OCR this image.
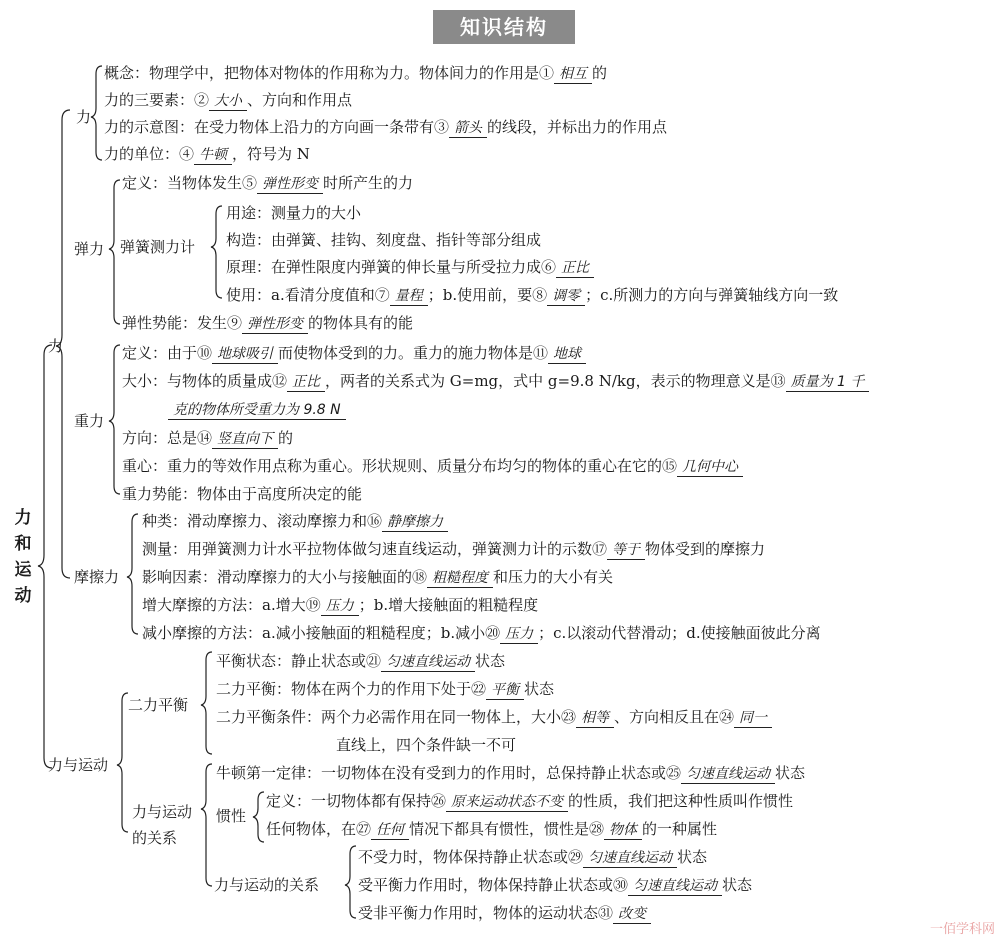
知识结构
力
和
运
动
力
力
弹力 弹簧测力计
重力
摩擦力
力与运动
二力平衡
力与运动
的关系
惯性
力与运动的关系
概念：物理学中，把物体对物体的作用称为力。物体间力的作用是① 相互 的
力的三要素：② 大小 、方向和作用点
力的示意图：在受力物体上沿力的方向画一条带有③ 箭头 的线段，并标出力的作用点
力的单位：④ 牛顿 ，符号为 N
定义：当物体发生⑤ 弹性形变 时所产生的力
用途：测量力的大小
构造：由弹簧、挂钩、刻度盘、指针等部分组成
原理：在弹性限度内弹簧的伸长量与所受拉力成⑥ 正比
使用：a.看清分度值和⑦ 量程 ；b.使用前，要⑧ 调零 ；c.所测力的方向与弹簧轴线方向一致
弹性势能：发生⑨ 弹性形变 的物体具有的能
定义：由于⑩ 地球吸引 而使物体受到的力。重力的施力物体是⑪ 地球
大小：与物体的质量成⑫ 正比 ，两者的关系式为 G=mg，式中 g=9.8 N/kg，表示的物理意义是⑬ 质量为 1 千
克的物体所受重力为 9.8 N
方向：总是⑭ 竖直向下 的
重心：重力的等效作用点称为重心。形状规则、质量分布均匀的物体的重心在它的⑮ 几何中心
重力势能：物体由于高度所决定的能
种类：滑动摩擦力、滚动摩擦力和⑯ 静摩擦力
测量：用弹簧测力计水平拉物体做匀速直线运动，弹簧测力计的示数⑰ 等于 物体受到的摩擦力
影响因素：滑动摩擦力的大小与接触面的⑱ 粗糙程度 和压力的大小有关
增大摩擦的方法：a.增大⑲ 压力 ；b.增大接触面的粗糙程度
减小摩擦的方法：a.减小接触面的粗糙程度；b.减小⑳ 压力 ；c.以滚动代替滑动；d.使接触面彼此分离
平衡状态：静止状态或㉑ 匀速直线运动 状态
二力平衡：物体在两个力的作用下处于㉒ 平衡 状态
二力平衡条件：两个力必需作用在同一物体上，大小㉓ 相等 、方向相反且在㉔ 同一
直线上，四个条件缺一不可
牛顿第一定律：一切物体在没有受到力的作用时，总保持静止状态或㉕ 匀速直线运动 状态
定义：一切物体都有保持㉖ 原来运动状态不变 的性质，我们把这种性质叫作惯性
任何物体，在㉗ 任何 情况下都具有惯性，惯性是㉘ 物体 的一种属性
不受力时，物体保持静止状态或㉙ 匀速直线运动 状态
受平衡力作用时，物体保持静止状态或㉚ 匀速直线运动 状态
受非平衡力作用时，物体的运动状态㉛ 改变
一佰学科网
